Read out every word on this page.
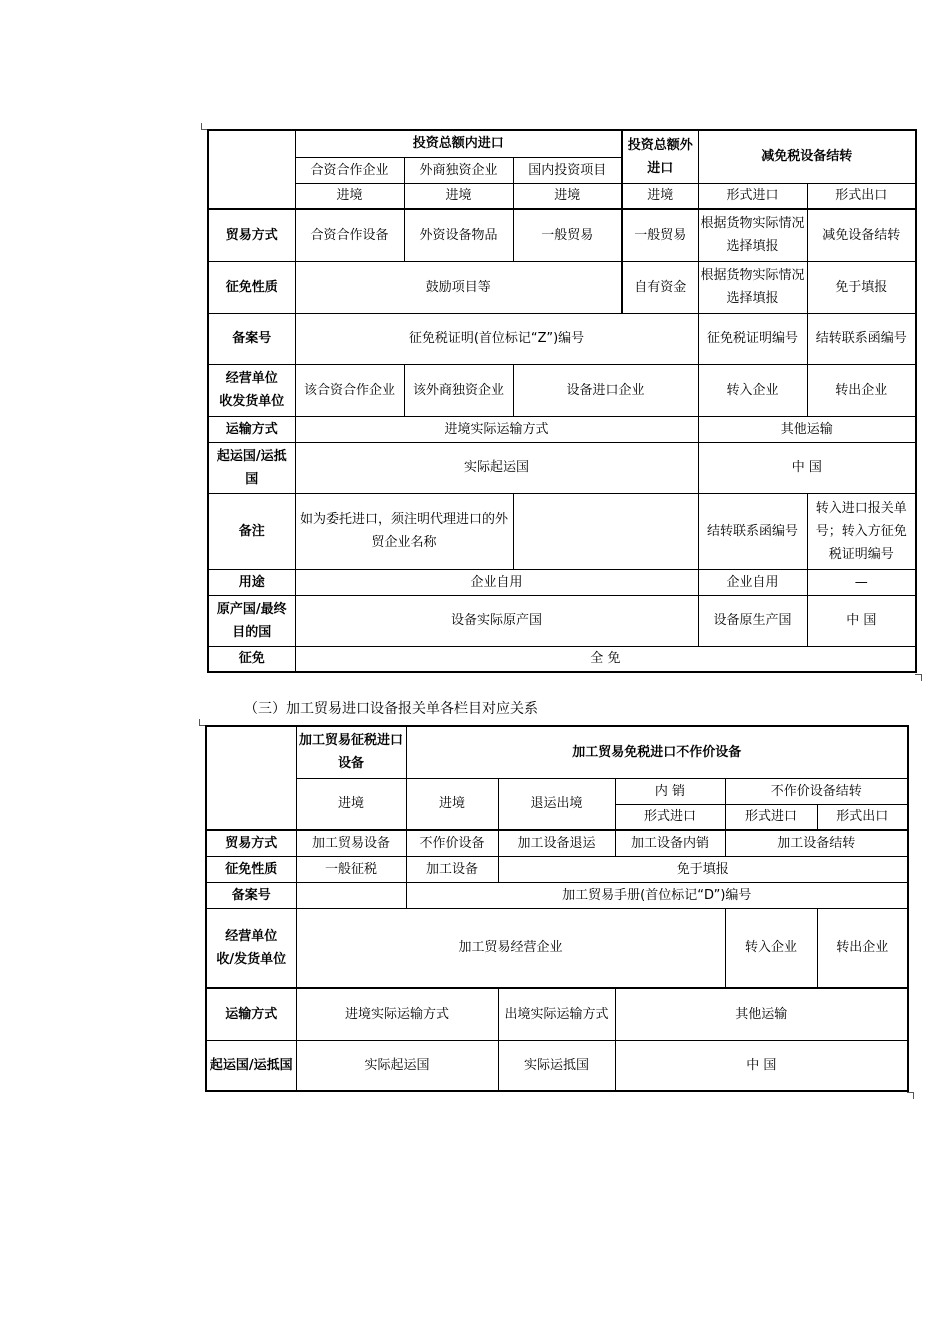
	投资总额内进口			投资总额外进口	减免税设备结转	
	合资合作企业	外商独资企业	国内投资项目			
	进境	进境	进境	进境	形式进口	形式出口
贸易方式	合资合作设备	外资设备物品	一般贸易	一般贸易	根据货物实际情况选择填报	减免设备结转
征免性质	鼓励项目等			自有资金	根据货物实际情况选择填报	免于填报
备案号	征免税证明(首位标记“Z”)编号				征免税证明编号	结转联系函编号

经营单位
收发货单位	该合资合作企业	该外商独资企业	设备进口企业		转入企业	转出企业
运输方式	进境实际运输方式				其他运输	
起运国/运抵国	实际起运国				中 国	
备注	如为委托进口，须注明代理进口的外贸企业名称				结转联系函编号	转入进口报关单号；转入方征免税证明编号
用途	企业自用				企业自用	—
原产国/最终目的国	设备实际原产国				设备原生产国	中 国
征免	全 免					
（三）加工贸易进口设备报关单各栏目对应关系
	加工贸易征税进口设备	加工贸易免税进口不作价设备				
	进境	进境	退运出境	内 销	不作价设备结转	
				形式进口	形式进口	形式出口
贸易方式	加工贸易设备	不作价设备	加工设备退运	加工设备内销	加工设备结转	
征免性质	一般征税	加工设备	免于填报			
备案号		加工贸易手册(首位标记“D”)编号				

经营单位
收/发货单位	加工贸易经营企业				转入企业	转出企业
运输方式	进境实际运输方式		出境实际运输方式	其他运输		
起运国/运抵国	实际起运国		实际运抵国	中 国		
